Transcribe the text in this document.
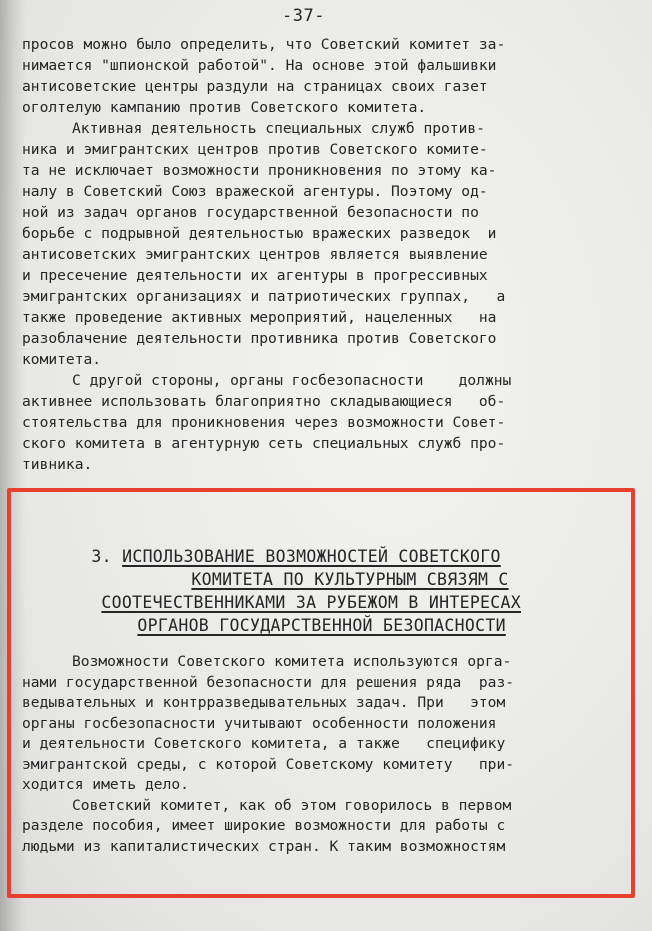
-37-
просов можно было определить, что Советский комитет за-
нимается "шпионской работой". На основе этой фальшивки
антисоветские центры раздули на страницах своих газет
оголтелую кампанию против Советского комитета.
Активная деятельность специальных служб против-
ника и эмигрантских центров против Советского комите-
та не исключает возможности проникновения по этому ка-
налу в Советский Союз вражеской агентуры. Поэтому од-
ной из задач органов государственной безопасности по
борьбе с подрывной деятельностью вражеских разведок  и
антисоветских эмигрантских центров является выявление
и пресечение деятельности их агентуры в прогрессивных
эмигрантских организациях и патриотических группах,   а
также проведение активных мероприятий, нацеленных   на
разоблачение деятельности противника против Советского
комитета.
С другой стороны, органы госбезопасности    должны
активнее использовать благоприятно складывающиеся   об-
стоятельства для проникновения через возможности Совет-
ского комитета в агентурную сеть специальных служб про-
тивника.

3. ИСПОЛЬЗОВАНИЕ ВОЗМОЖНОСТЕЙ СОВЕТСКОГО

КОМИТЕТА ПО КУЛЬТУРНЫМ СВЯЗЯМ С

СООТЕЧЕСТВЕННИКАМИ ЗА РУБЕЖОМ В ИНТЕРЕСАХ

ОРГАНОВ ГОСУДАРСТВЕННОЙ БЕЗОПАСНОСТИ

Возможности Советского комитета используются орга-
нами государственной безопасности для решения ряда  раз-
ведывательных и контрразведывательных задач. При   этом
органы госбезопасности учитывают особенности положения
и деятельности Советского комитета, а также   специфику
эмигрантской среды, с которой Советскому комитету   при-
ходится иметь дело.
Советский комитет, как об этом говорилось в первом
разделе пособия, имеет широкие возможности для работы с
людьми из капиталистических стран. К таким возможностям
